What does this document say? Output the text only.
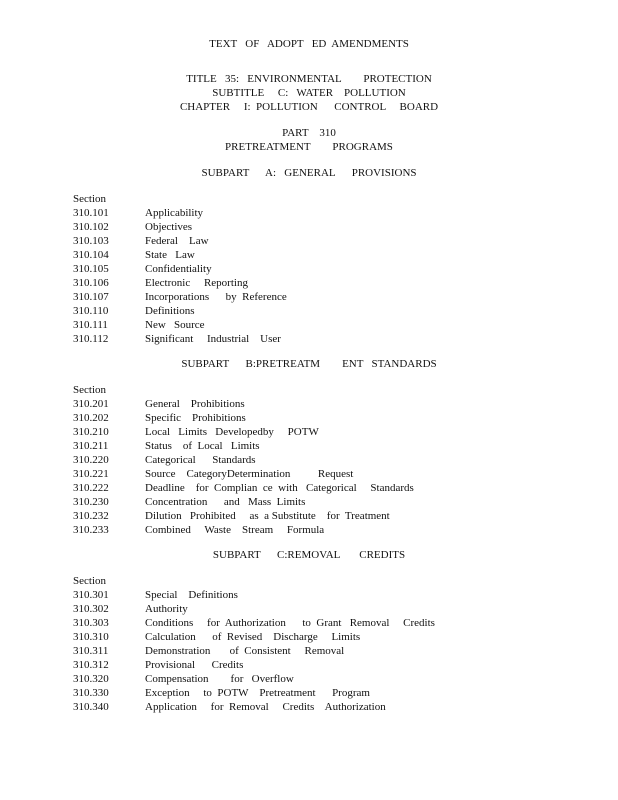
TEXT   OF   ADOPT   ED  AMENDMENTS
TITLE   35:   ENVIRONMENTAL        PROTECTION
SUBTITLE     C:   WATER    POLLUTION
CHAPTER     I:  POLLUTION      CONTROL     BOARD
PART    310
PRETREATMENT        PROGRAMS
SUBPART      A:   GENERAL      PROVISIONS
Section
310.101	Applicability
310.102	Objectives
310.103	Federal    Law
310.104	State   Law
310.105	Confidentiality
310.106	Electronic     Reporting
310.107	Incorporations      by  Reference
310.110	Definitions
310.111	New   Source
310.112	Significant     Industrial    User
SUBPART      B:PRETREATM        ENT   STANDARDS
Section
310.201	General    Prohibitions
310.202	Specific    Prohibitions
310.210	Local   Limits   Developedby     POTW
310.211	Status    of  Local   Limits
310.220	Categorical      Standards
310.221	Source    CategoryDetermination          Request
310.222	Deadline    for  Complian  ce  with   Categorical     Standards
310.230	Concentration      and   Mass  Limits
310.232	Dilution   Prohibited     as  a Substitute    for  Treatment
310.233	Combined     Waste    Stream     Formula
SUBPART      C:REMOVAL       CREDITS
Section
310.301	Special    Definitions
310.302	Authority
310.303	Conditions     for  Authorization      to  Grant   Removal     Credits
310.310	Calculation      of  Revised    Discharge     Limits
310.311	Demonstration       of  Consistent     Removal
310.312	Provisional      Credits
310.320	Compensation        for   Overflow
310.330	Exception     to  POTW    Pretreatment      Program
310.340	Application     for  Removal     Credits    Authorization
